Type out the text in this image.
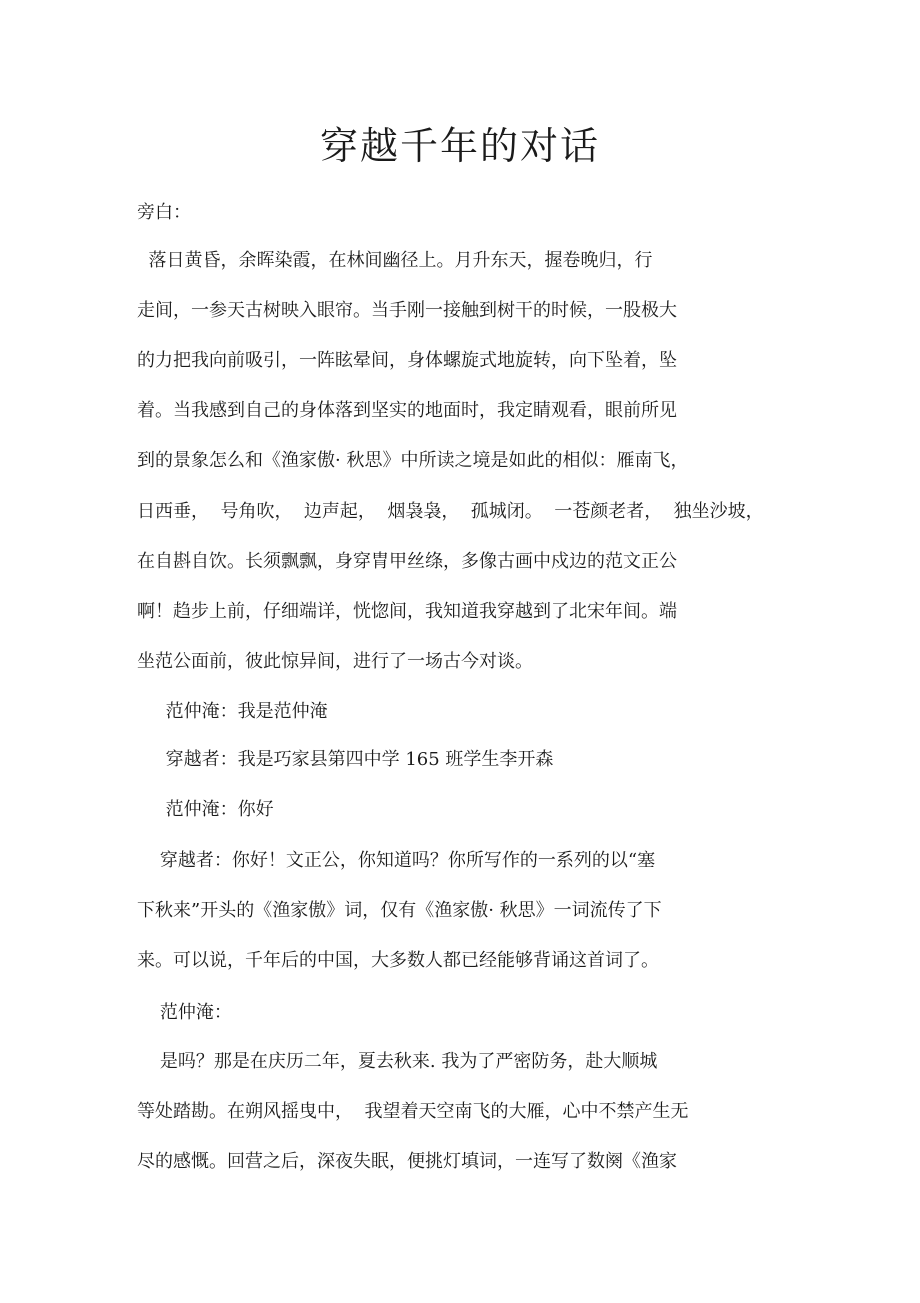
穿越千年的对话

旁白：

落日黄昏，余晖染霞，在林间幽径上。月升东天，握卷晚归，行

走间，一参天古树映入眼帘。当手刚一接触到树干的时候，一股极大

的力把我向前吸引，一阵眩晕间，身体螺旋式地旋转，向下坠着，坠

着。当我感到自己的身体落到坚实的地面时，我定睛观看，眼前所见

到的景象怎么和《渔家傲· 秋思》中所读之境是如此的相似：雁南飞，

日西垂，  号角吹，  边声起，  烟袅袅，  孤城闭。  一苍颜老者，  独坐沙坡，

在自斟自饮。长须飘飘，身穿胄甲丝绦，多像古画中戍边的范文正公

啊！趋步上前，仔细端详，恍惚间，我知道我穿越到了北宋年间。端

坐范公面前，彼此惊异间，进行了一场古今对谈。

范仲淹：我是范仲淹

穿越者：我是巧家县第四中学 165 班学生李开森

范仲淹：你好

穿越者：你好！文正公，你知道吗？你所写作的一系列的以“塞

下秋来”开头的《渔家傲》词，仅有《渔家傲· 秋思》一词流传了下

来。可以说，千年后的中国，大多数人都已经能够背诵这首词了。

范仲淹：

是吗？那是在庆历二年，夏去秋来. 我为了严密防务，赴大顺城

等处踏勘。在朔风摇曳中，  我望着天空南飞的大雁，心中不禁产生无

尽的感慨。回营之后，深夜失眠，便挑灯填词，一连写了数阕《渔家
